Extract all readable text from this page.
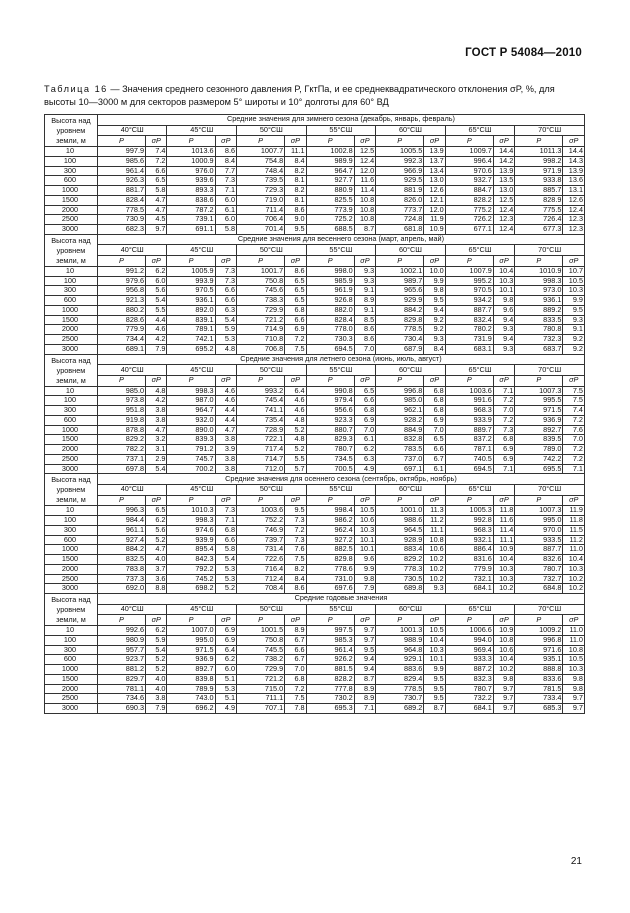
ГОСТ Р 54084—2010
Таблица 16 — Значения среднего сезонного давления P, ГктПа, и ее среднеквадратического отклонения σP, %, для высоты 10—3000 м для секторов размером 5° широты и 10° долготы для 60° ВД
Высота над уровнем земли, м	Средние значения для зимнего сезона (декабрь, январь, февраль)													
	40°СШ		45°СШ		50°СШ		55°СШ		60°СШ		65°СШ		70°СШ	
	P	σP	P	σP	P	σP	P	σP	P	σP	P	σP	P	σP
10	997.9	7.4	1013.6	8.6	1007.7	11.1	1002.8	12.5	1005.5	13.9	1009.7	14.4	1011.3	14.4
100	985.6	7.2	1000.9	8.4	754.8	8.4	989.9	12.4	992.3	13.7	996.4	14.2	998.2	14.3
300	961.4	6.6	976.0	7.7	748.4	8.2	964.7	12.0	966.9	13.4	970.6	13.9	971.9	13.9
600	926.3	6.5	939.6	7.3	739.5	8.1	927.7	11.6	929.5	13.0	932.7	13.5	933.8	13.6
1000	881.7	5.8	893.3	7.1	729.3	8.2	880.9	11.4	881.9	12.6	884.7	13.0	885.7	13.1
1500	828.4	4.7	838.6	6.0	719.0	8.1	825.5	10.8	826.0	12.1	828.2	12.5	828.9	12.6
2000	778.5	4.7	787.2	6.1	711.4	8.6	773.9	10.8	773.7	12.0	775.2	12.4	775.5	12.4
2500	730.9	4.5	739.1	6.0	706.4	9.0	725.2	10.8	724.8	11.9	726.2	12.3	726.4	12.3
3000	682.3	9.7	691.1	5.8	701.4	9.5	688.5	8.7	681.8	10.9	677.1	12.4	677.3	12.3
Высота над уровнем земли, м	Средние значения для весеннего сезона (март, апрель, май)													
	40°СШ		45°СШ		50°СШ		55°СШ		60°СШ		65°СШ		70°СШ	
	P	σP	P	σP	P	σP	P	σP	P	σP	P	σP	P	σP
10	991.2	6.2	1005.9	7.3	1001.7	8.6	998.0	9.3	1002.1	10.0	1007.9	10.4	1010.9	10.7
100	979.6	6.0	993.9	7.3	750.8	6.5	985.9	9.3	989.7	9.9	995.2	10.3	998.3	10.5
300	956.8	5.6	970.5	6.6	745.6	6.5	961.9	9.1	965.6	9.8	970.5	10.1	973.0	10.3
600	921.3	5.4	936.1	6.6	738.3	6.5	926.8	8.9	929.9	9.5	934.2	9.8	936.1	9.9
1000	880.2	5.5	892.0	6.3	729.9	6.8	882.0	9.1	884.2	9.4	887.7	9.6	889.2	9.5
1500	828.6	4.4	839.1	5.4	721.2	6.6	828.4	8.5	829.8	9.2	832.4	9.4	833.5	9.3
2000	779.9	4.6	789.1	5.9	714.9	6.9	778.0	8.6	778.5	9.2	780.2	9.3	780.8	9.1
2500	734.4	4.2	742.1	5.3	710.8	7.2	730.3	8.6	730.4	9.3	731.9	9.4	732.3	9.2
3000	689.1	7.9	695.2	4.8	706.8	7.5	694.5	7.0	687.9	8.4	683.1	9.3	683.7	9.2
Высота над уровнем земли, м	Средние значения для летнего сезона (июнь, июль, август)													
	40°СШ		45°СШ		50°СШ		55°СШ		60°СШ		65°СШ		70°СШ	
	P	σP	P	σP	P	σP	P	σP	P	σP	P	σP	P	σP
10	985.0	4.8	998.3	4.6	993.2	6.4	990.8	6.5	996.8	6.8	1003.6	7.1	1007.3	7.5
100	973.8	4.2	987.0	4.6	745.4	4.6	979.4	6.6	985.0	6.8	991.6	7.2	995.5	7.5
300	951.8	3.8	964.7	4.4	741.1	4.6	956.6	6.8	962.1	6.8	968.3	7.0	971.5	7.4
600	919.8	3.8	932.0	4.4	735.4	4.8	923.3	6.9	928.2	6.9	933.9	7.2	936.9	7.2
1000	878.8	4.7	890.0	4.7	728.9	5.2	880.7	7.0	884.9	7.0	889.7	7.3	892.7	7.6
1500	829.2	3.2	839.3	3.8	722.1	4.8	829.3	6.1	832.8	6.5	837.2	6.8	839.5	7.0
2000	782.2	3.1	791.2	3.9	717.4	5.2	780.7	6.2	783.5	6.6	787.1	6.9	789.0	7.2
2500	737.1	2.9	745.7	3.8	714.7	5.5	734.5	6.3	737.0	6.7	740.5	6.9	742.2	7.2
3000	697.8	5.4	700.2	3.8	712.0	5.7	700.5	4.9	697.1	6.1	694.5	7.1	695.5	7.1
Высота над уровнем земли, м	Средние значения для осеннего сезона (сентябрь, октябрь, ноябрь)													
	40°СШ		45°СШ		50°СШ		55°СШ		60°СШ		65°СШ		70°СШ	
	P	σP	P	σP	P	σP	P	σP	P	σP	P	σP	P	σP
10	996.3	6.5	1010.3	7.3	1003.6	9.5	998.4	10.5	1001.0	11.3	1005.3	11.8	1007.3	11.9
100	984.4	6.2	998.3	7.1	752.2	7.3	986.2	10.6	988.6	11.2	992.8	11.6	995.0	11.8
300	961.1	5.6	974.6	6.8	746.9	7.2	962.4	10.3	964.5	11.1	968.3	11.4	970.0	11.5
600	927.4	5.2	939.9	6.6	739.7	7.3	927.2	10.1	928.9	10.8	932.1	11.1	933.5	11.2
1000	884.2	4.7	895.4	5.8	731.4	7.6	882.5	10.1	883.4	10.6	886.4	10.9	887.7	11.0
1500	832.5	4.0	842.3	5.4	722.6	7.5	829.8	9.6	829.2	10.2	831.6	10.4	832.6	10.4
2000	783.8	3.7	792.2	5.3	716.4	8.2	778.6	9.9	778.3	10.2	779.9	10.3	780.7	10.3
2500	737.3	3.6	745.2	5.3	712.4	8.4	731.0	9.8	730.5	10.2	732.1	10.3	732.7	10.2
3000	692.0	8.8	698.2	5.2	708.4	8.6	697.6	7.9	689.8	9.3	684.1	10.2	684.8	10.2
Высота над уровнем земли, м	Средние годовые значения													
	40°СШ		45°СШ		50°СШ		55°СШ		60°СШ		65°СШ		70°СШ	
	P	σP	P	σP	P	σP	P	σP	P	σP	P	σP	P	σP
10	992.6	6.2	1007.0	6.9	1001.5	8.9	997.5	9.7	1001.3	10.5	1006.6	10.9	1009.2	11.0
100	980.9	5.9	995.0	6.9	750.8	6.7	985.3	9.7	988.9	10.4	994.0	10.8	996.8	11.0
300	957.7	5.4	971.5	6.4	745.5	6.6	961.4	9.5	964.8	10.3	969.4	10.6	971.6	10.8
600	923.7	5.2	936.9	6.2	738.2	6.7	926.2	9.4	929.1	10.1	933.3	10.4	935.1	10.5
1000	881.2	5.2	892.7	6.0	729.9	7.0	881.5	9.4	883.6	9.9	887.2	10.2	888.8	10.3
1500	829.7	4.0	839.8	5.1	721.2	6.8	828.2	8.7	829.4	9.5	832.3	9.8	833.6	9.8
2000	781.1	4.0	789.9	5.3	715.0	7.2	777.8	8.9	778.5	9.5	780.7	9.7	781.5	9.8
2500	734.6	3.8	743.0	5.1	711.1	7.5	730.2	8.9	730.7	9.5	732.2	9.7	733.4	9.7
3000	690.3	7.9	696.2	4.9	707.1	7.8	695.3	7.1	689.2	8.7	684.1	9.7	685.3	9.7
21
